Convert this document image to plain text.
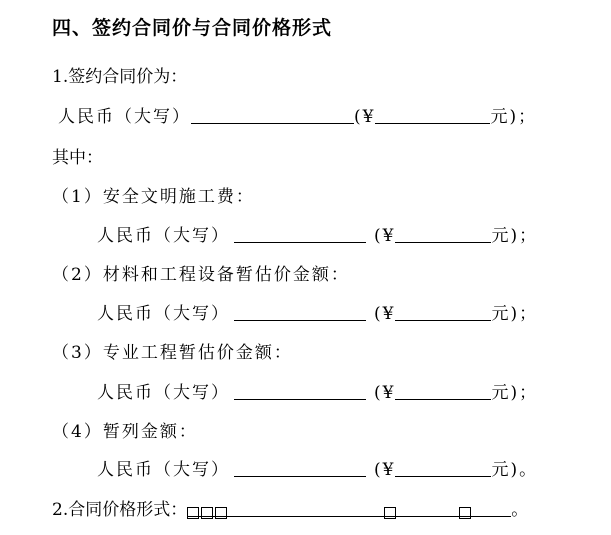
四、签约合同价与合同价格形式
1.签约合同价为：
人民币（大写）	(¥	元)；
其中：
（1）安全文明施工费：
人民币（大写）	(¥	元)；
（2）材料和工程设备暂估价金额：
人民币（大写）	(¥	元)；
（3）专业工程暂估价金额：
人民币（大写）	(¥	元)；
（4）暂列金额：
人民币（大写）	(¥	元)。
2.合同价格形式：	。
